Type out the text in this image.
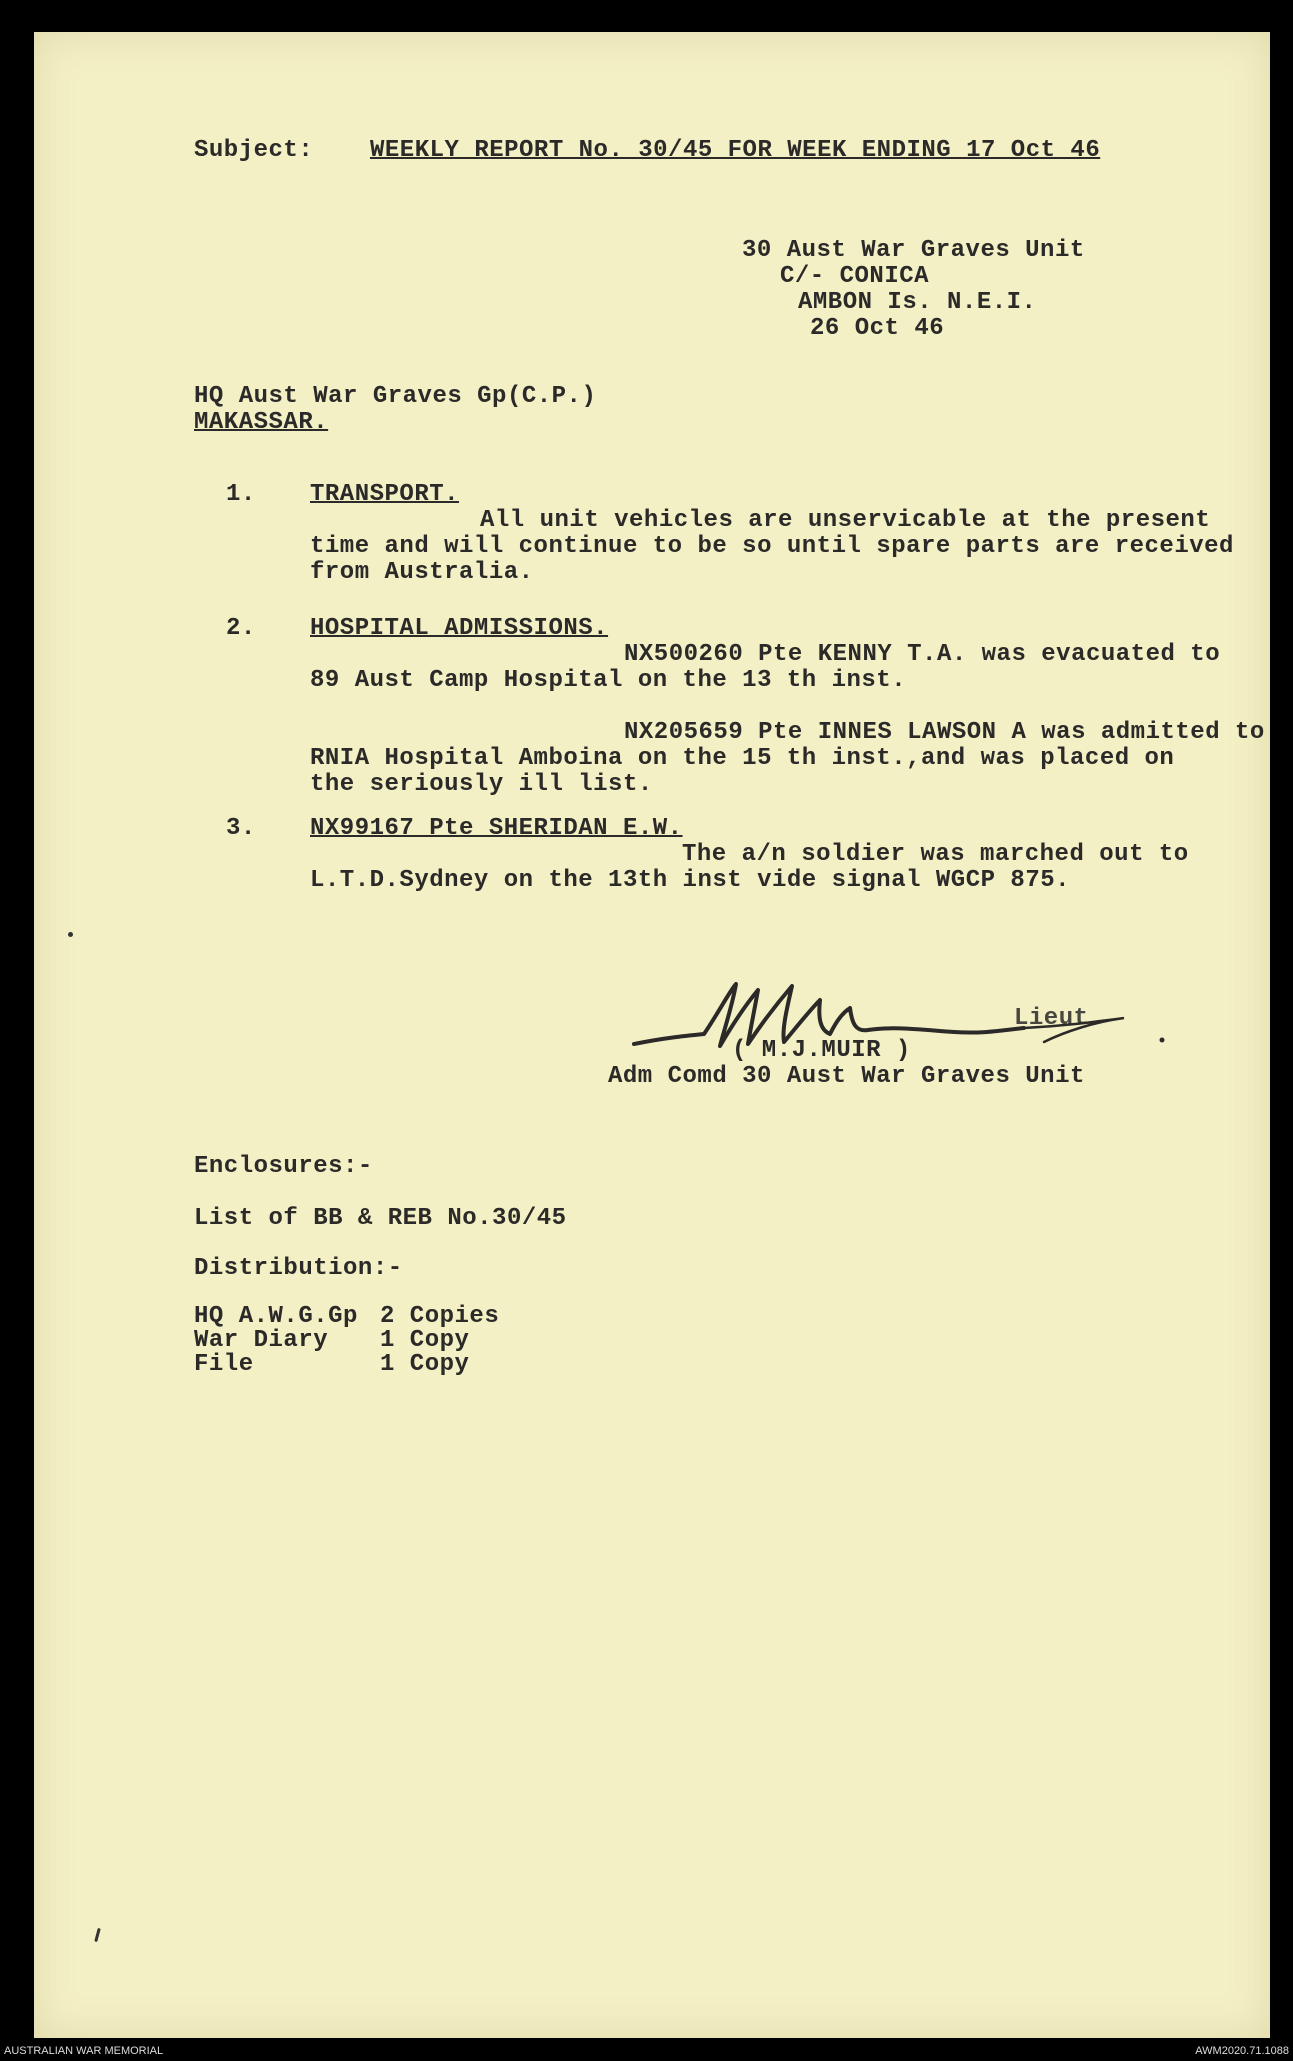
Subject: WEEKLY REPORT No. 30/45 FOR WEEK ENDING 17 Oct 46
30 Aust War Graves Unit
C/- CONICA
AMBON Is. N.E.I.
26 Oct 46
HQ Aust War Graves Gp(C.P.)
MAKASSAR.
1. TRANSPORT.
All unit vehicles are unservicable at the present
time and will continue to be so until spare parts are received
from Australia.
2. HOSPITAL ADMISSIONS.
NX500260 Pte KENNY T.A. was evacuated to
89 Aust Camp Hospital on the 13 th inst.
NX205659 Pte INNES LAWSON A was admitted to
RNIA Hospital Amboina on the 15 th inst.,and was placed on
the seriously ill list.
3. NX99167 Pte SHERIDAN E.W.
The a/n soldier was marched out to
L.T.D.Sydney on the 13th inst vide signal WGCP 875.
Lieut
( M.J.MUIR )
Adm Comd 30 Aust War Graves Unit
Enclosures:-
List of BB & REB No.30/45
Distribution:-
HQ A.W.G.Gp 2 Copies
War Diary 1 Copy
File	1 Copy
AUSTRALIAN WAR MEMORIAL	AWM2020.71.1088
